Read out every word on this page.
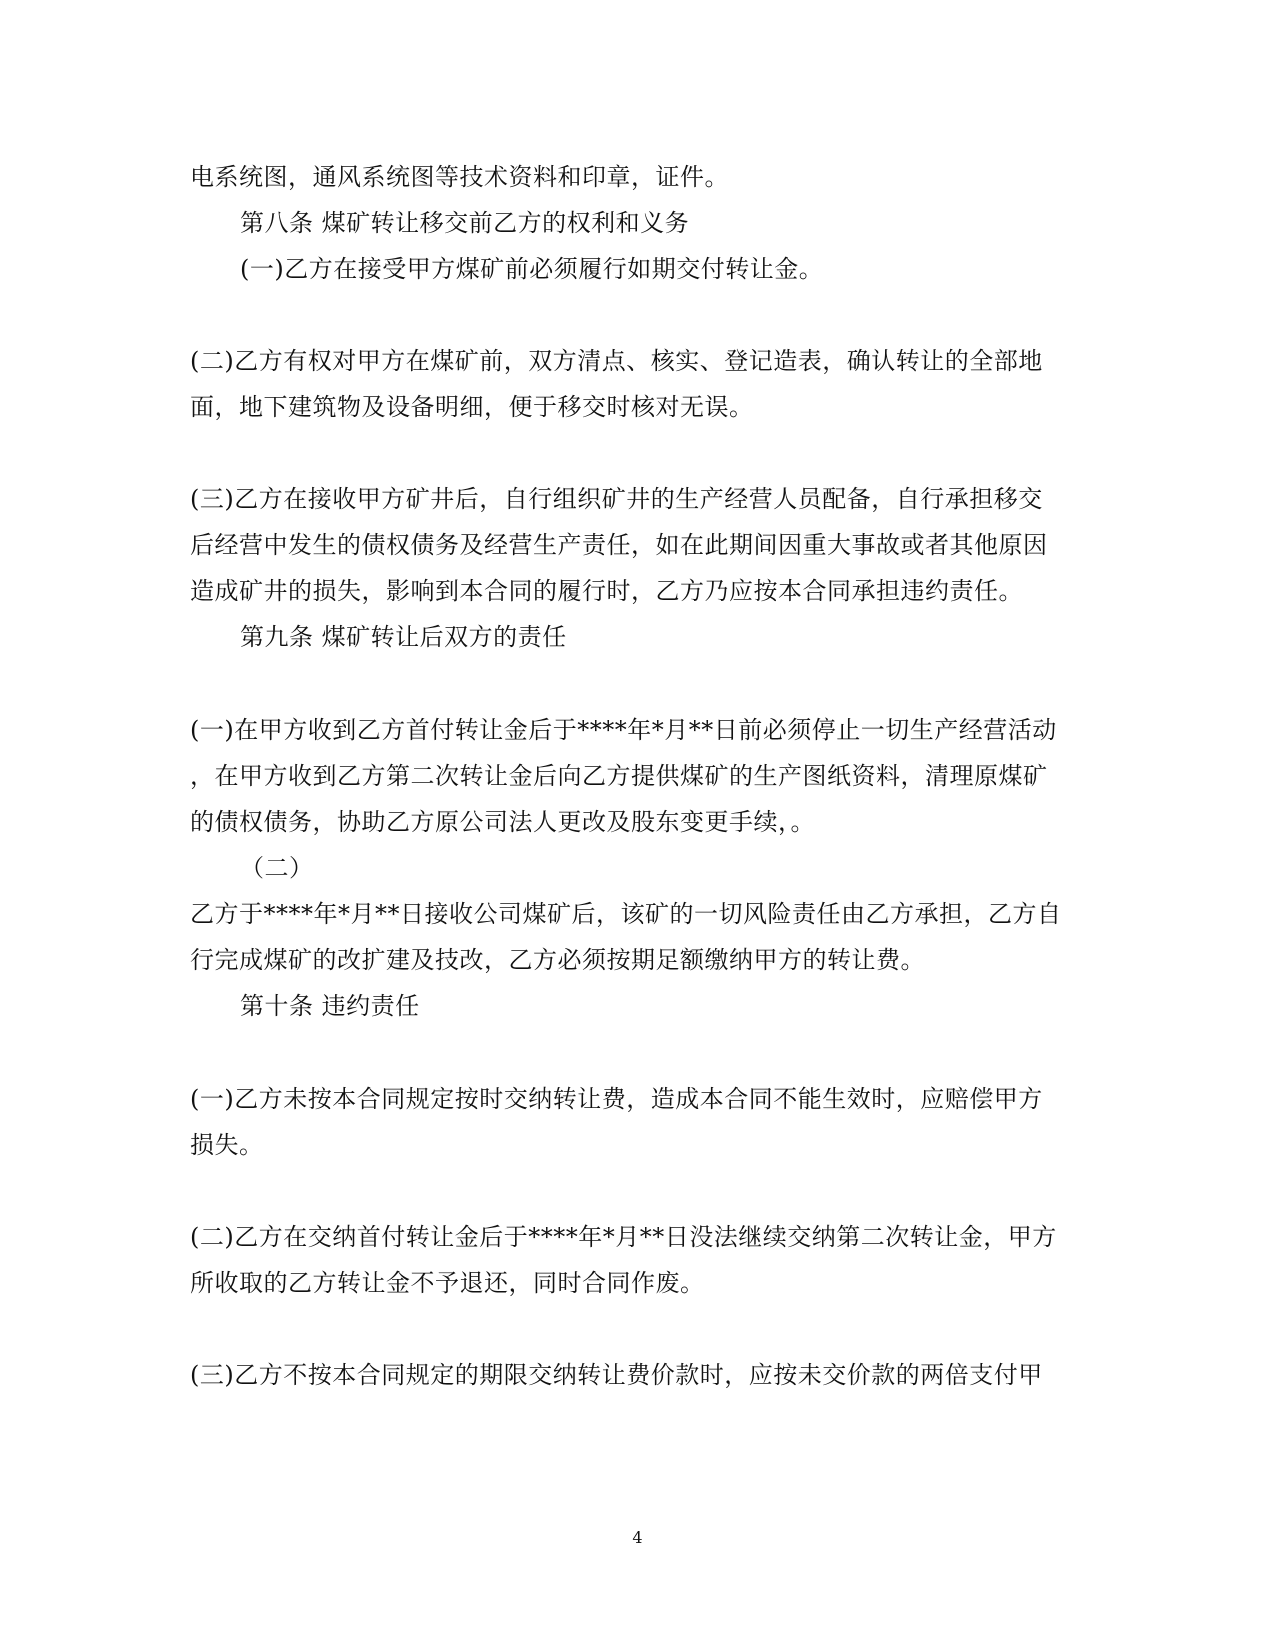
电系统图，通风系统图等技术资料和印章，证件。
第八条 煤矿转让移交前乙方的权利和义务
(一)乙方在接受甲方煤矿前必须履行如期交付转让金。
(二)乙方有权对甲方在煤矿前，双方清点、核实、登记造表，确认转让的全部地
面，地下建筑物及设备明细，便于移交时核对无误。
(三)乙方在接收甲方矿井后，自行组织矿井的生产经营人员配备，自行承担移交
后经营中发生的债权债务及经营生产责任，如在此期间因重大事故或者其他原因
造成矿井的损失，影响到本合同的履行时，乙方乃应按本合同承担违约责任。
第九条 煤矿转让后双方的责任
(一)在甲方收到乙方首付转让金后于****年*月**日前必须停止一切生产经营活动
，在甲方收到乙方第二次转让金后向乙方提供煤矿的生产图纸资料，清理原煤矿
的债权债务，协助乙方原公司法人更改及股东变更手续，。
（二）
乙方于****年*月**日接收公司煤矿后，该矿的一切风险责任由乙方承担，乙方自
行完成煤矿的改扩建及技改，乙方必须按期足额缴纳甲方的转让费。
第十条 违约责任
(一)乙方未按本合同规定按时交纳转让费，造成本合同不能生效时，应赔偿甲方
损失。
(二)乙方在交纳首付转让金后于****年*月**日没法继续交纳第二次转让金，甲方
所收取的乙方转让金不予退还，同时合同作废。
(三)乙方不按本合同规定的期限交纳转让费价款时，应按未交价款的两倍支付甲
4
